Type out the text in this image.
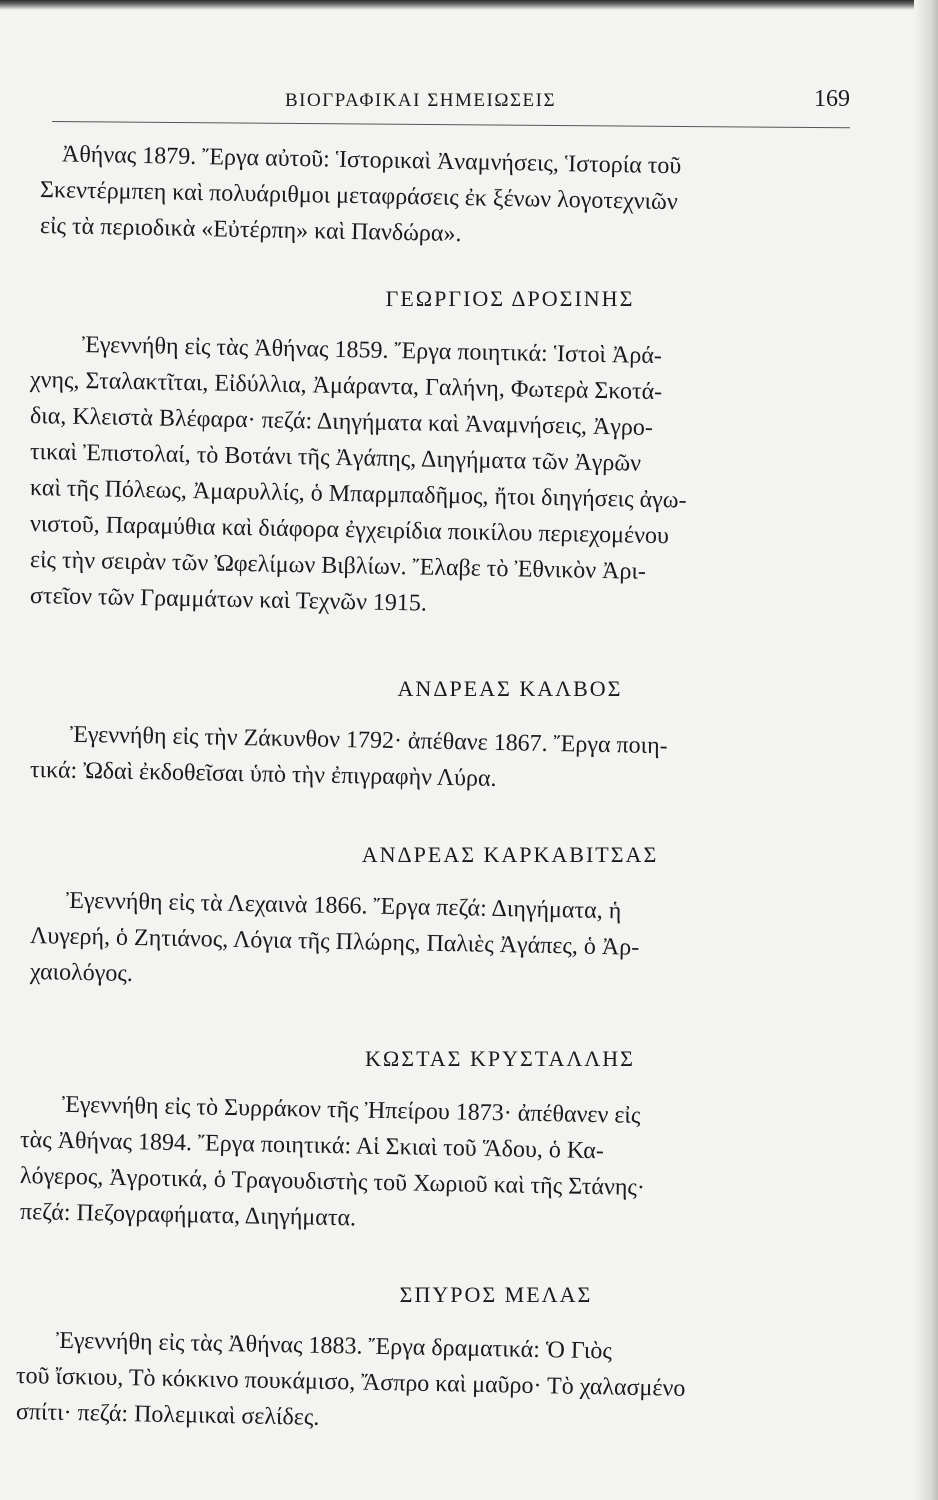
ΒΙΟΓΡΑΦΙΚΑΙ ΣΗΜΕΙΩΣΕΙΣ	169
Ἀθήνας 1879. Ἔργα αὐτοῦ: Ἱστορικαὶ Ἀναμνήσεις, Ἱστορία τοῦ
Σκεντέρμπεη καὶ πολυάριθμοι μεταφράσεις ἐκ ξένων λογοτεχνιῶν
εἰς τὰ περιοδικὰ «Εὐτέρπη» καὶ Πανδώρα».
ΓΕΩΡΓΙΟΣ ΔΡΟΣΙΝΗΣ
Ἐγεννήθη εἰς τὰς Ἀθήνας 1859. Ἔργα ποιητικά: Ἱστοὶ Ἀρά-
χνης, Σταλακτῖται, Εἰδύλλια, Ἀμάραντα, Γαλήνη, Φωτερὰ Σκοτά-
δια, Κλειστὰ Βλέφαρα· πεζά: Διηγήματα καὶ Ἀναμνήσεις, Ἀγρο-
τικαὶ Ἐπιστολαί, τὸ Βοτάνι τῆς Ἀγάπης, Διηγήματα τῶν Ἀγρῶν
καὶ τῆς Πόλεως, Ἀμαρυλλίς, ὁ Μπαρμπαδῆμος, ἤτοι διηγήσεις ἀγω-
νιστοῦ, Παραμύθια καὶ διάφορα ἐγχειρίδια ποικίλου περιεχομένου
εἰς τὴν σειρὰν τῶν Ὠφελίμων Βιβλίων. Ἔλαβε τὸ Ἐθνικὸν Ἀρι-
στεῖον τῶν Γραμμάτων καὶ Τεχνῶν 1915.
ΑΝΔΡΕΑΣ ΚΑΛΒΟΣ
Ἐγεννήθη εἰς τὴν Ζάκυνθον 1792· ἀπέθανε 1867. Ἔργα ποιη-
τικά: Ὠδαὶ ἐκδοθεῖσαι ὑπὸ τὴν ἐπιγραφὴν Λύρα.
ΑΝΔΡΕΑΣ ΚΑΡΚΑΒΙΤΣΑΣ
Ἐγεννήθη εἰς τὰ Λεχαινὰ 1866. Ἔργα πεζά: Διηγήματα, ἡ
Λυγερή, ὁ Ζητιάνος, Λόγια τῆς Πλώρης, Παλιὲς Ἀγάπες, ὁ Ἀρ-
χαιολόγος.
ΚΩΣΤΑΣ ΚΡΥΣΤΑΛΛΗΣ
Ἐγεννήθη εἰς τὸ Συρράκον τῆς Ἠπείρου 1873· ἀπέθανεν εἰς
τὰς Ἀθήνας 1894. Ἔργα ποιητικά: Αἱ Σκιαὶ τοῦ Ἅδου, ὁ Κα-
λόγερος, Ἀγροτικά, ὁ Τραγουδιστὴς τοῦ Χωριοῦ καὶ τῆς Στάνης·
πεζά: Πεζογραφήματα, Διηγήματα.
ΣΠΥΡΟΣ ΜΕΛΑΣ
Ἐγεννήθη εἰς τὰς Ἀθήνας 1883. Ἔργα δραματικά: Ὁ Γιὸς
τοῦ ἴσκιου, Τὸ κόκκινο πουκάμισο, Ἄσπρο καὶ μαῦρο· Τὸ χαλασμένο
σπίτι· πεζά: Πολεμικαὶ σελίδες.
